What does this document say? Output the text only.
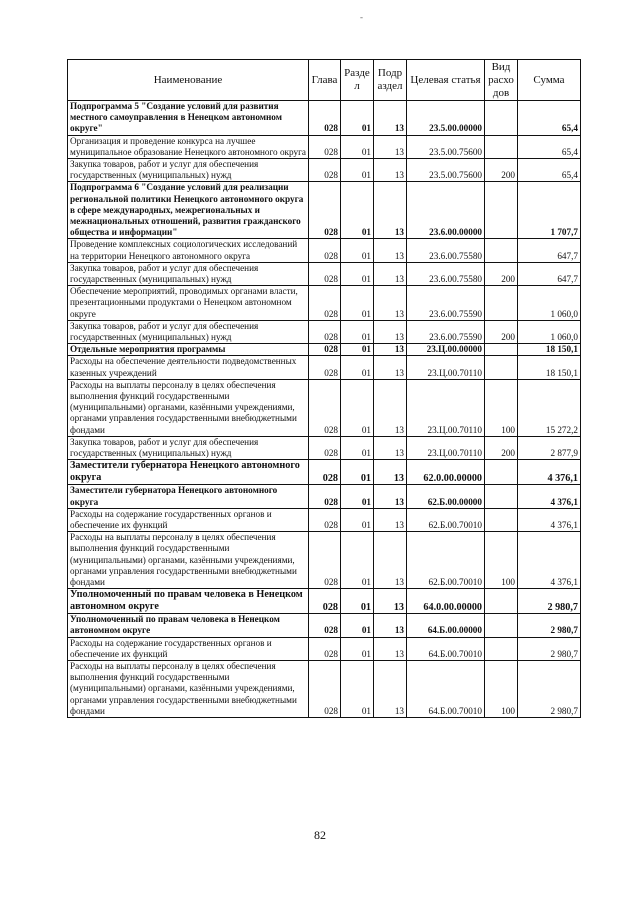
-
Наименование	Глава	Разде л	Подр аздел	Целевая статья	Вид расхо дов	Сумма
Подпрограмма 5 "Создание условий для развития местного самоуправления в Ненецком автономном округе"	028	01	13	23.5.00.00000		65,4
Организация и проведение конкурса на лучшее муниципальное образование Ненецкого автономного округа	028	01	13	23.5.00.75600		65,4
Закупка товаров, работ и услуг для обеспечения государственных (муниципальных) нужд	028	01	13	23.5.00.75600	200	65,4
Подпрограмма 6 "Создание условий для реализации региональной политики Ненецкого автономного округа в сфере международных, межрегиональных и межнациональных отношений, развития гражданского общества и информации"	028	01	13	23.6.00.00000		1 707,7
Проведение комплексных социологических исследований на территории Ненецкого автономного округа	028	01	13	23.6.00.75580		647,7
Закупка товаров, работ и услуг для обеспечения государственных (муниципальных) нужд	028	01	13	23.6.00.75580	200	647,7
Обеспечение мероприятий, проводимых органами власти, презентационными продуктами о Ненецком автономном округе	028	01	13	23.6.00.75590		1 060,0
Закупка товаров, работ и услуг для обеспечения государственных (муниципальных) нужд	028	01	13	23.6.00.75590	200	1 060,0
Отдельные мероприятия программы	028	01	13	23.Ц.00.00000		18 150,1
Расходы на обеспечение деятельности подведомственных казенных учреждений	028	01	13	23.Ц.00.70110		18 150,1
Расходы на выплаты персоналу в целях обеспечения выполнения функций государственными (муниципальными) органами, казёнными учреждениями, органами управления государственными внебюджетными фондами	028	01	13	23.Ц.00.70110	100	15 272,2
Закупка товаров, работ и услуг для обеспечения государственных (муниципальных) нужд	028	01	13	23.Ц.00.70110	200	2 877,9
Заместители губернатора Ненецкого автономного округа	028	01	13	62.0.00.00000		4 376,1
Заместители губернатора Ненецкого автономного округа	028	01	13	62.Б.00.00000		4 376,1
Расходы на содержание государственных органов и обеспечение их функций	028	01	13	62.Б.00.70010		4 376,1
Расходы на выплаты персоналу в целях обеспечения выполнения функций государственными (муниципальными) органами, казёнными учреждениями, органами управления государственными внебюджетными фондами	028	01	13	62.Б.00.70010	100	4 376,1
Уполномоченный по правам человека в Ненецком автономном округе	028	01	13	64.0.00.00000		2 980,7
Уполномоченный по правам человека в Ненецком автономном округе	028	01	13	64.Б.00.00000		2 980,7
Расходы на содержание государственных органов и обеспечение их функций	028	01	13	64.Б.00.70010		2 980,7
Расходы на выплаты персоналу в целях обеспечения выполнения функций государственными (муниципальными) органами, казёнными учреждениями, органами управления государственными внебюджетными фондами	028	01	13	64.Б.00.70010	100	2 980,7
82
